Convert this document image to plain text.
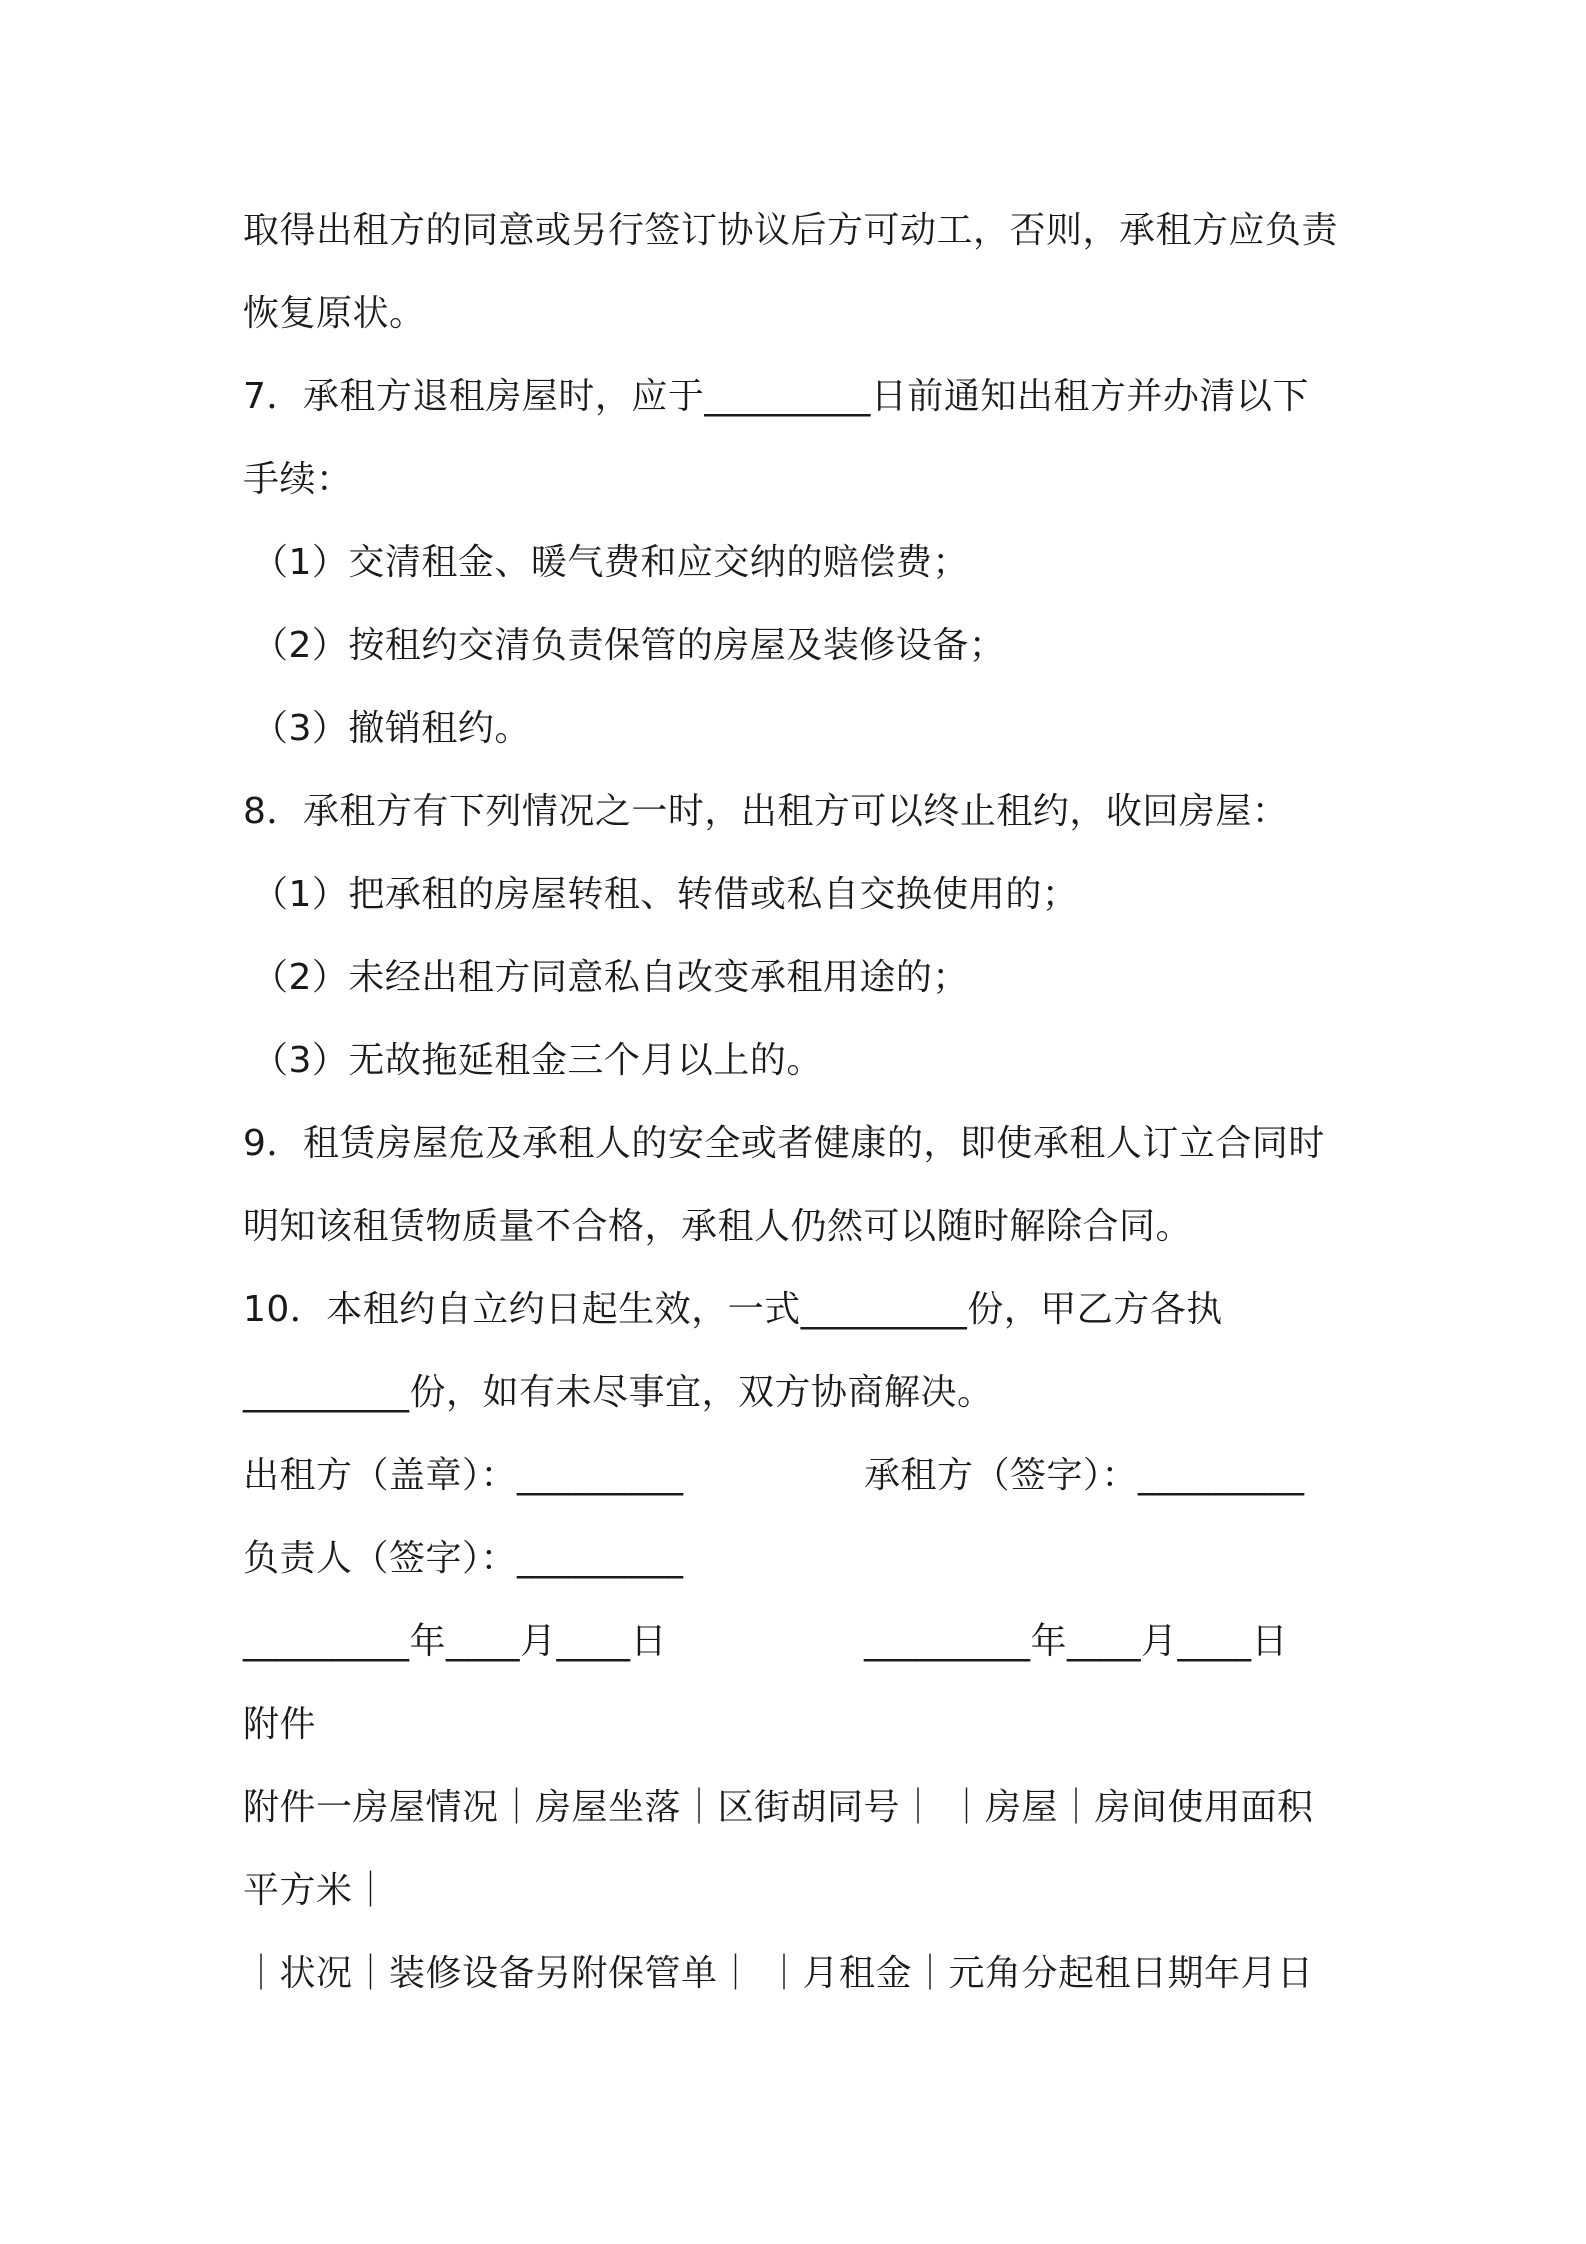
取得出租方的同意或另行签订协议后方可动工，否则，承租方应负责
恢复原状。
7．承租方退租房屋时，应于_________日前通知出租方并办清以下
手续：
（1）交清租金、暖气费和应交纳的赔偿费；
（2）按租约交清负责保管的房屋及装修设备；
（3）撤销租约。
8．承租方有下列情况之一时，出租方可以终止租约，收回房屋：
（1）把承租的房屋转租、转借或私自交换使用的；
（2）未经出租方同意私自改变承租用途的；
（3）无故拖延租金三个月以上的。
9．租赁房屋危及承租人的安全或者健康的，即使承租人订立合同时
明知该租赁物质量不合格，承租人仍然可以随时解除合同。
10．本租约自立约日起生效，一式_________份，甲乙方各执
_________份，如有未尽事宜，双方协商解决。
出租方（盖章）：_________	承租方（签字）：_________
负责人（签字）：_________
_________年____月____日	_________年____月____日
附件
附件一房屋情况｜房屋坐落｜区街胡同号｜ ｜房屋｜房间使用面积
平方米｜
｜状况｜装修设备另附保管单｜ ｜月租金｜元角分起租日期年月日
